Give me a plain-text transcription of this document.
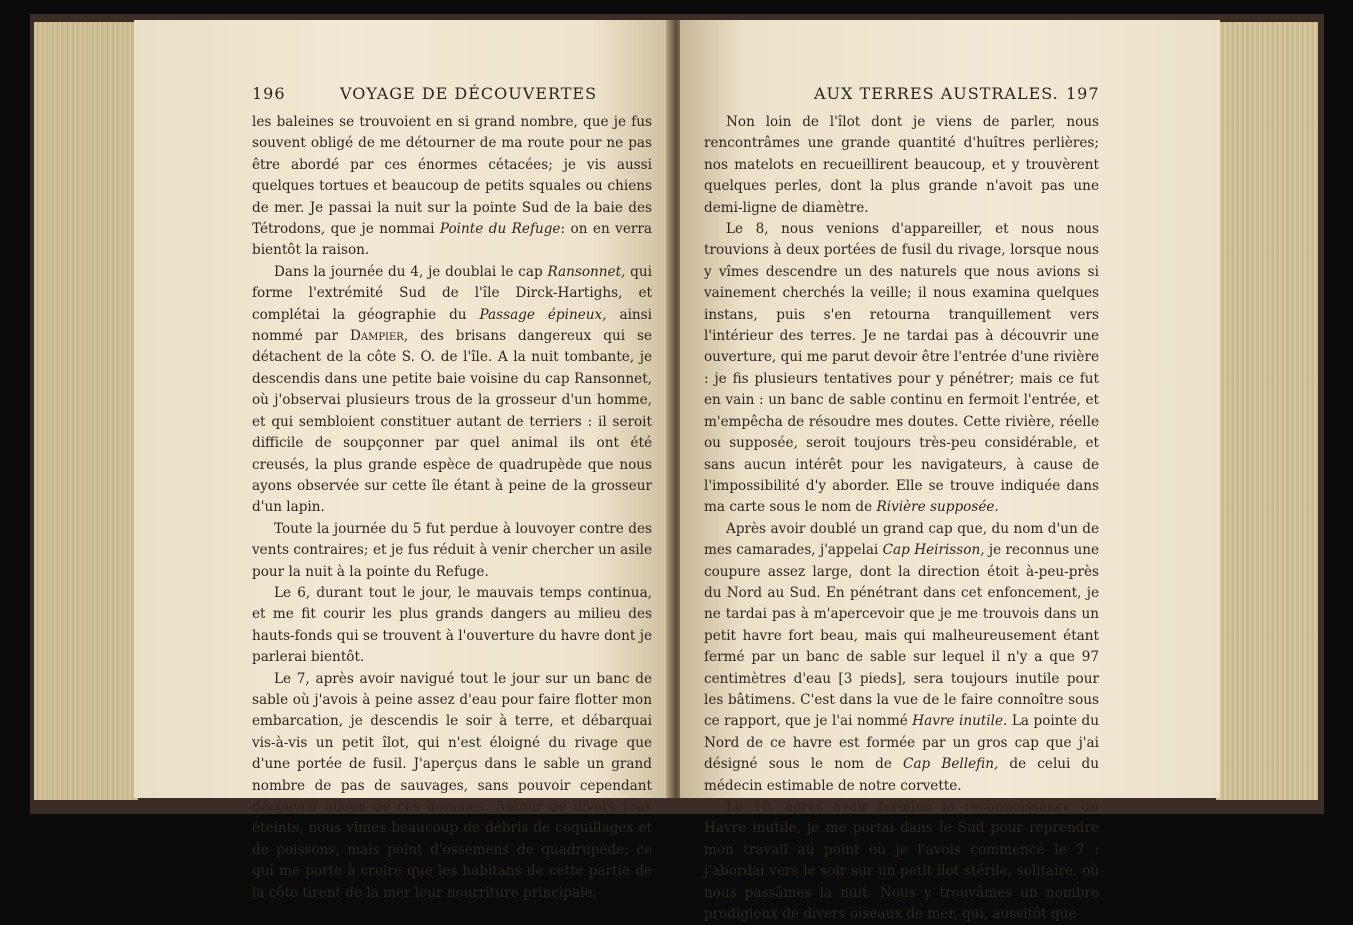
196	VOYAGE DE DÉCOUVERTES

les baleines se trouvoient en si grand nombre, que je fus souvent obligé de me détourner de ma route pour ne pas être abordé par ces énormes cétacées; je vis aussi quelques tortues et beaucoup de petits squales ou chiens de mer. Je passai la nuit sur la pointe Sud de la baie des Tétrodons, que je nommai Pointe du Refuge: on en verra bientôt la raison.

Dans la journée du 4, je doublai le cap Ransonnet, qui forme l'extrémité Sud de l'île Dirck-Hartighs, et complétai la géographie du Passage épineux, ainsi nommé par Dampier, des brisans dangereux qui se détachent de la côte S. O. de l'île. A la nuit tombante, je descendis dans une petite baie voisine du cap Ransonnet, où j'observai plusieurs trous de la grosseur d'un homme, et qui sembloient constituer autant de terriers : il seroit difficile de soupçonner par quel animal ils ont été creusés, la plus grande espèce de quadrupède que nous ayons observée sur cette île étant à peine de la grosseur d'un lapin.

Toute la journée du 5 fut perdue à louvoyer contre des vents contraires; et je fus réduit à venir chercher un asile pour la nuit à la pointe du Refuge.

Le 6, durant tout le jour, le mauvais temps continua, et me fit courir les plus grands dangers au milieu des hauts-fonds qui se trouvent à l'ouverture du havre dont je parlerai bientôt.

Le 7, après avoir navigué tout le jour sur un banc de sable où j'avois à peine assez d'eau pour faire flotter mon embarcation, je descendis le soir à terre, et débarquai vis-à-vis un petit îlot, qui n'est éloigné du rivage que d'une portée de fusil. J'aperçus dans le sable un grand nombre de pas de sauvages, sans pouvoir cependant découvrir aucun de ces hommes. Autour de divers feux éteints, nous vîmes beaucoup de débris de coquillages et de poissons, mais point d'ossemens de quadrupède; ce qui me porte à croire que les habitans de cette partie de la côte tirent de la mer leur nourriture principale.

AUX TERRES AUSTRALES. 197

Non loin de l'îlot dont je viens de parler, nous rencontrâmes une grande quantité d'huîtres perlières; nos matelots en recueillirent beaucoup, et y trouvèrent quelques perles, dont la plus grande n'avoit pas une demi-ligne de diamètre.

Le 8, nous venions d'appareiller, et nous nous trouvions à deux portées de fusil du rivage, lorsque nous y vîmes descendre un des naturels que nous avions si vainement cherchés la veille; il nous examina quelques instans, puis s'en retourna tranquillement vers l'intérieur des terres. Je ne tardai pas à découvrir une ouverture, qui me parut devoir être l'entrée d'une rivière : je fis plusieurs tentatives pour y pénétrer; mais ce fut en vain : un banc de sable continu en fermoit l'entrée, et m'empêcha de résoudre mes doutes. Cette rivière, réelle ou supposée, seroit toujours très-peu considérable, et sans aucun intérêt pour les navigateurs, à cause de l'impossibilité d'y aborder. Elle se trouve indiquée dans ma carte sous le nom de Rivière supposée.

Après avoir doublé un grand cap que, du nom d'un de mes camarades, j'appelai Cap Heirisson, je reconnus une coupure assez large, dont la direction étoit à-peu-près du Nord au Sud. En pénétrant dans cet enfoncement, je ne tardai pas à m'apercevoir que je me trouvois dans un petit havre fort beau, mais qui malheureusement étant fermé par un banc de sable sur lequel il n'y a que 97 centimètres d'eau [3 pieds], sera toujours inutile pour les bâtimens. C'est dans la vue de le faire connoître sous ce rapport, que je l'ai nommé Havre inutile. La pointe du Nord de ce havre est formée par un gros cap que j'ai désigné sous le nom de Cap Bellefin, de celui du médecin estimable de notre corvette.

Le 10, après avoir terminé la reconnoissance du Havre inutile, je me portai dans le Sud pour reprendre mon travail au point où je l'avois commencé le 7 : j'abordai vers le soir sur un petit îlot stérile, solitaire, où nous passâmes la nuit. Nous y trouvâmes un nombre prodigieux de divers oiseaux de mer, qui, aussitôt que
